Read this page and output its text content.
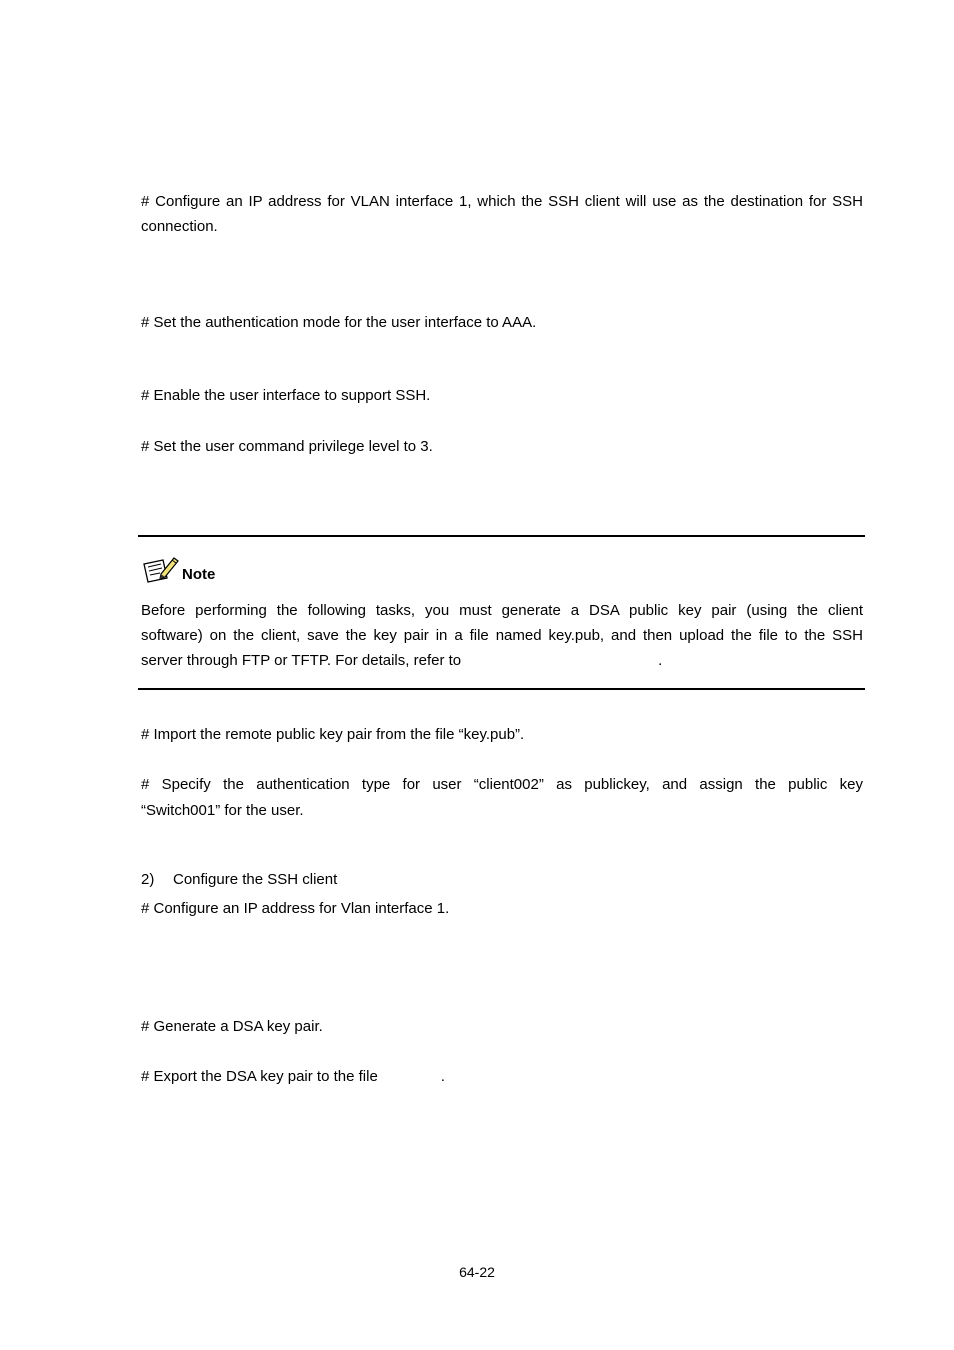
# Configure an IP address for VLAN interface 1, which the SSH client will use as the destination for SSH connection.

# Set the authentication mode for the user interface to AAA.

# Enable the user interface to support SSH.

# Set the user command privilege level to 3.

Note

Before performing the following tasks, you must generate a DSA public key pair (using the client

software) on the client, save the key pair in a file named key.pub, and then upload the file to the SSH

server through FTP or TFTP. For details, refer to	.

# Import the remote public key pair from the file “key.pub”.

# Specify the authentication type for user “client002” as publickey, and assign the public key

“Switch001” for the user.

2) Configure the SSH client

# Configure an IP address for Vlan interface 1.

# Generate a DSA key pair.

# Export the DSA key pair to the file	.

64-22
